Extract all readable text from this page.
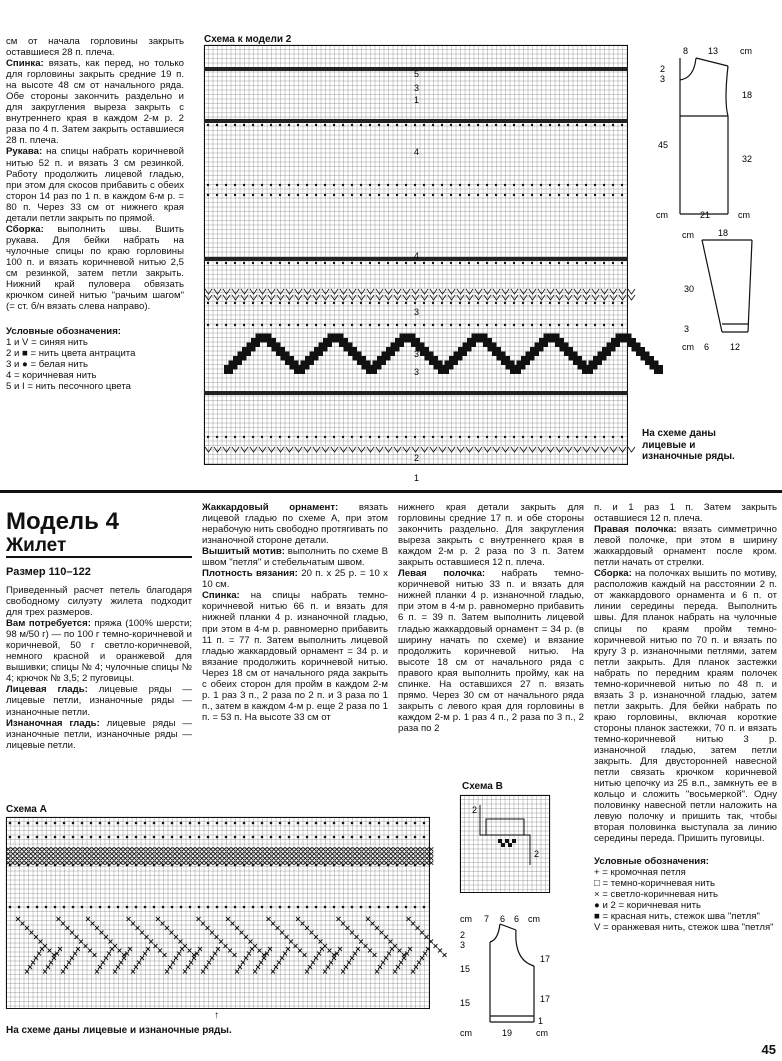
см от начала горловины закрыть оставшиеся 28 п. плеча.

Спинка: вязать, как перед, но только для горловины закрыть средние 19 п. на высоте 48 см от начального ряда. Обе стороны закончить раздельно и для закругления выреза закрыть с внутреннего края в каждом 2-м р. 2 раза по 4 п. Затем закрыть оставшиеся 28 п. плеча.

Рукава: на спицы набрать коричневой нитью 52 п. и вязать 3 см резинкой. Работу продолжить лицевой гладью, при этом для скосов прибавить с обеих сторон 14 раз по 1 п. в каждом 6-м р. = 80 п. Через 33 см от нижнего края детали петли закрыть по прямой.

Сборка: выполнить швы. Вшить рукава. Для бейки набрать на чулочные спицы по краю горловины 100 п. и вязать коричневой нитью 2,5 см резинкой, затем петли закрыть. Нижний край пуловера обвязать крючком синей нитью "рачьим шагом" (= ст. б/н вязать слева направо).

Условные обозначения:

1 и V = синяя нить

2 и ■ = нить цвета антрацита

3 и ● = белая нить

4 = коричневая нить

5 и I = нить песочного цвета

Схема к модели 2
5
3
1
4
4
3
3
3
2
1
На схеме даны лицевые и изнаночные ряды.
8 13 cm
2
3
45
18
32
cm	21	cm
cm	18
30
3
cm 6 12
Модель 4
Жилет
Размер 110–122

Приведенный расчет петель благодаря свободному силуэту жилета подходит для трех размеров.

Вам потребуется: пряжа (100% шерсти; 98 м/50 г) — по 100 г темно-коричневой и коричневой, 50 г светло-коричневой, немного красной и оранжевой для вышивки; спицы № 4; чулочные спицы № 4; крючок № 3,5; 2 пуговицы.

Лицевая гладь: лицевые ряды — лицевые петли, изнаночные ряды — изнаночные петли.

Изнаночная гладь: лицевые ряды — изнаночные петли, изнаночные ряды — лицевые петли.

Жаккардовый орнамент: вязать лицевой гладью по схеме А, при этом нерабочую нить свободно протягивать по изнаночной стороне детали.

Вышитый мотив: выполнить по схеме В швом "петля" и стебельчатым швом.

Плотность вязания: 20 п. х 25 р. = 10 х 10 см.

Спинка: на спицы набрать темно-коричневой нитью 66 п. и вязать для нижней планки 4 р. изнаночной гладью, при этом в 4-м р. равномерно прибавить 11 п. = 77 п. Затем выполнить лицевой гладью жаккардовый орнамент = 34 р. и вязание продолжить коричневой нитью. Через 18 см от начального ряда закрыть с обеих сторон для пройм в каждом 2-м р. 1 раз 3 п., 2 раза по 2 п. и 3 раза по 1 п., затем в каждом 4-м р. еще 2 раза по 1 п. = 53 п. На высоте 33 см от

нижнего края детали закрыть для горловины средние 17 п. и обе стороны закончить раздельно. Для закругления выреза закрыть с внутреннего края в каждом 2-м р. 2 раза по 3 п. Затем закрыть оставшиеся 12 п. плеча.

Левая полочка: набрать темно-коричневой нитью 33 п. и вязать для нижней планки 4 р. изнаночной гладью, при этом в 4-м р. равномерно прибавить 6 п. = 39 п. Затем выполнить лицевой гладью жаккардовый орнамент = 34 р. (в ширину начать по схеме) и вязание продолжить коричневой нитью. На высоте 18 см от начального ряда с правого края выполнить пройму, как на спинке. На оставшихся 27 п. вязать прямо. Через 30 см от начального ряда закрыть с левого края для горловины в каждом 2-м р. 1 раз 4 п., 2 раза по 3 п., 2 раза по 2

п. и 1 раз 1 п. Затем закрыть оставшиеся 12 п. плеча.

Правая полочка: вязать симметрично левой полочке, при этом в ширину жаккардовый орнамент после кром. петли начать от стрелки.

Сборка: на полочках вышить по мотиву, расположив каждый на расстоянии 2 п. от жаккардового орнамента и 6 п. от линии середины переда. Выполнить швы. Для планок набрать на чулочные спицы по краям пройм темно-коричневой нитью по 70 п. и вязать по кругу 3 р. изнаночными петлями, затем петли закрыть. Для планок застежки набрать по передним краям полочек темно-коричневой нитью по 48 п. и вязать 3 р. изнаночной гладью, затем петли закрыть. Для бейки набрать по краю горловины, включая короткие стороны планок застежки, 70 п. и вязать темно-коричневой нитью 3 р. изнаночной гладью, затем петли закрыть. Для двусторонней навесной петли связать крючком коричневой нитью цепочку из 25 в.п., замкнуть ее в кольцо и сложить "восьмеркой". Одну половинку навесной петли наложить на левую полочку и пришить так, чтобы вторая половинка выступала за линию середины переда. Пришить пуговицы.

Условные обозначения:

+ = кромочная петля

□ = темно-коричневая нить

× = светло-коричневая нить

● и 2 = коричневая нить

■ = красная нить, стежок шва "петля"

V = оранжевая нить, стежок шва "петля"

Схема А
↑
На схеме даны лицевые и изнаночные ряды.
Схема В
2
2
cm 7 6 6 cm
2
3
15
15
17
17
1
cm	19	cm
45
